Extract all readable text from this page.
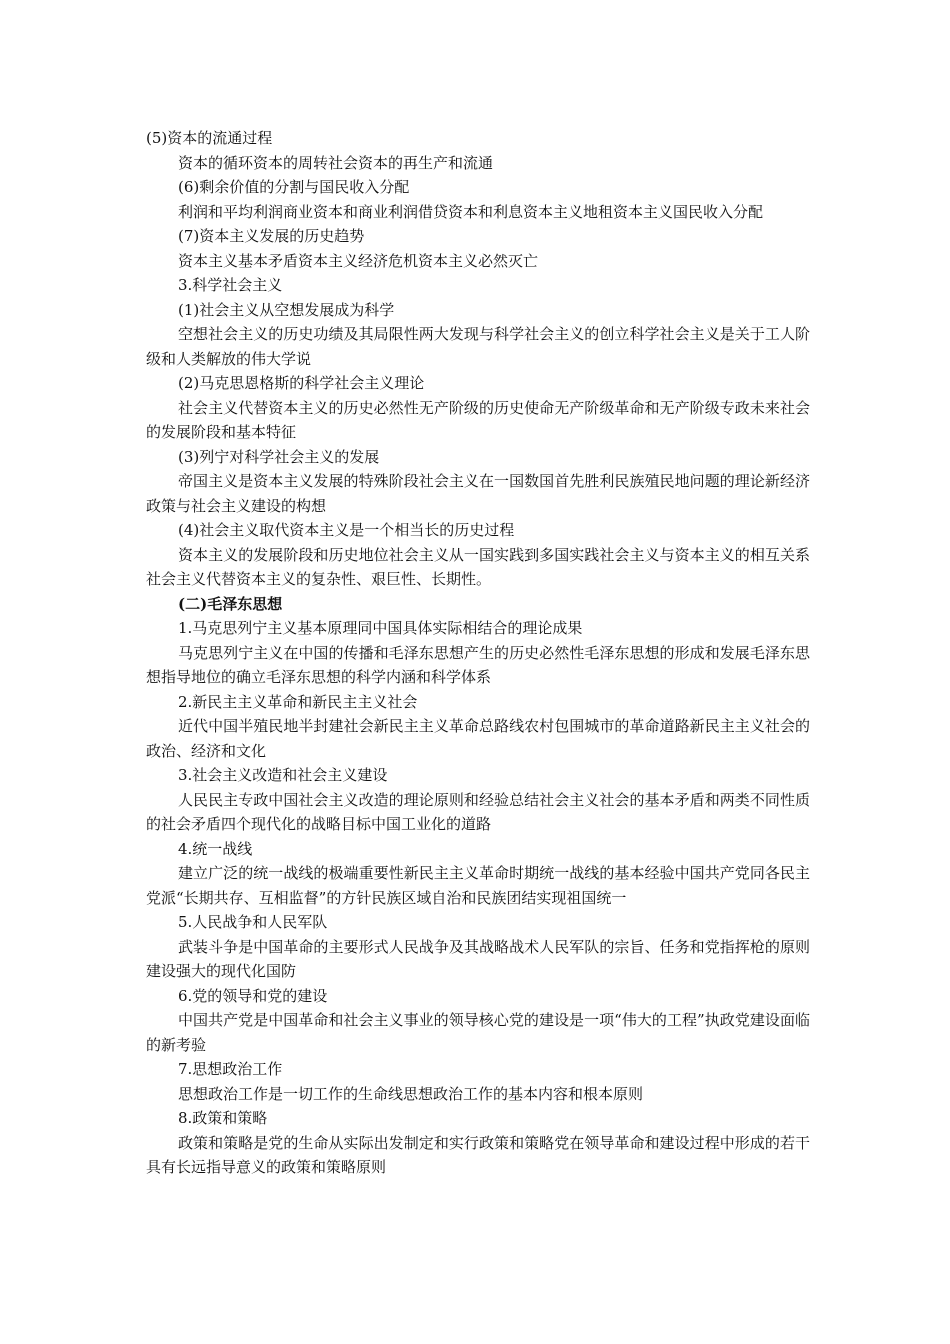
(5)资本的流通过程

资本的循环资本的周转社会资本的再生产和流通

(6)剩余价值的分割与国民收入分配

利润和平均利润商业资本和商业利润借贷资本和利息资本主义地租资本主义国民收入分配

(7)资本主义发展的历史趋势

资本主义基本矛盾资本主义经济危机资本主义必然灭亡

3.科学社会主义

(1)社会主义从空想发展成为科学

空想社会主义的历史功绩及其局限性两大发现与科学社会主义的创立科学社会主义是关于工人阶级和人类解放的伟大学说

(2)马克思恩格斯的科学社会主义理论

社会主义代替资本主义的历史必然性无产阶级的历史使命无产阶级革命和无产阶级专政未来社会的发展阶段和基本特征

(3)列宁对科学社会主义的发展

帝国主义是资本主义发展的特殊阶段社会主义在一国数国首先胜利民族殖民地问题的理论新经济政策与社会主义建设的构想

(4)社会主义取代资本主义是一个相当长的历史过程

资本主义的发展阶段和历史地位社会主义从一国实践到多国实践社会主义与资本主义的相互关系社会主义代替资本主义的复杂性、艰巨性、长期性。

(二)毛泽东思想

1.马克思列宁主义基本原理同中国具体实际相结合的理论成果

马克思列宁主义在中国的传播和毛泽东思想产生的历史必然性毛泽东思想的形成和发展毛泽东思想指导地位的确立毛泽东思想的科学内涵和科学体系

2.新民主主义革命和新民主主义社会

近代中国半殖民地半封建社会新民主主义革命总路线农村包围城市的革命道路新民主主义社会的政治、经济和文化

3.社会主义改造和社会主义建设

人民民主专政中国社会主义改造的理论原则和经验总结社会主义社会的基本矛盾和两类不同性质的社会矛盾四个现代化的战略目标中国工业化的道路

4.统一战线

建立广泛的统一战线的极端重要性新民主主义革命时期统一战线的基本经验中国共产党同各民主党派“长期共存、互相监督”的方针民族区域自治和民族团结实现祖国统一

5.人民战争和人民军队

武装斗争是中国革命的主要形式人民战争及其战略战术人民军队的宗旨、任务和党指挥枪的原则建设强大的现代化国防

6.党的领导和党的建设

中国共产党是中国革命和社会主义事业的领导核心党的建设是一项“伟大的工程”执政党建设面临的新考验

7.思想政治工作

思想政治工作是一切工作的生命线思想政治工作的基本内容和根本原则

8.政策和策略

政策和策略是党的生命从实际出发制定和实行政策和策略党在领导革命和建设过程中形成的若干具有长远指导意义的政策和策略原则
